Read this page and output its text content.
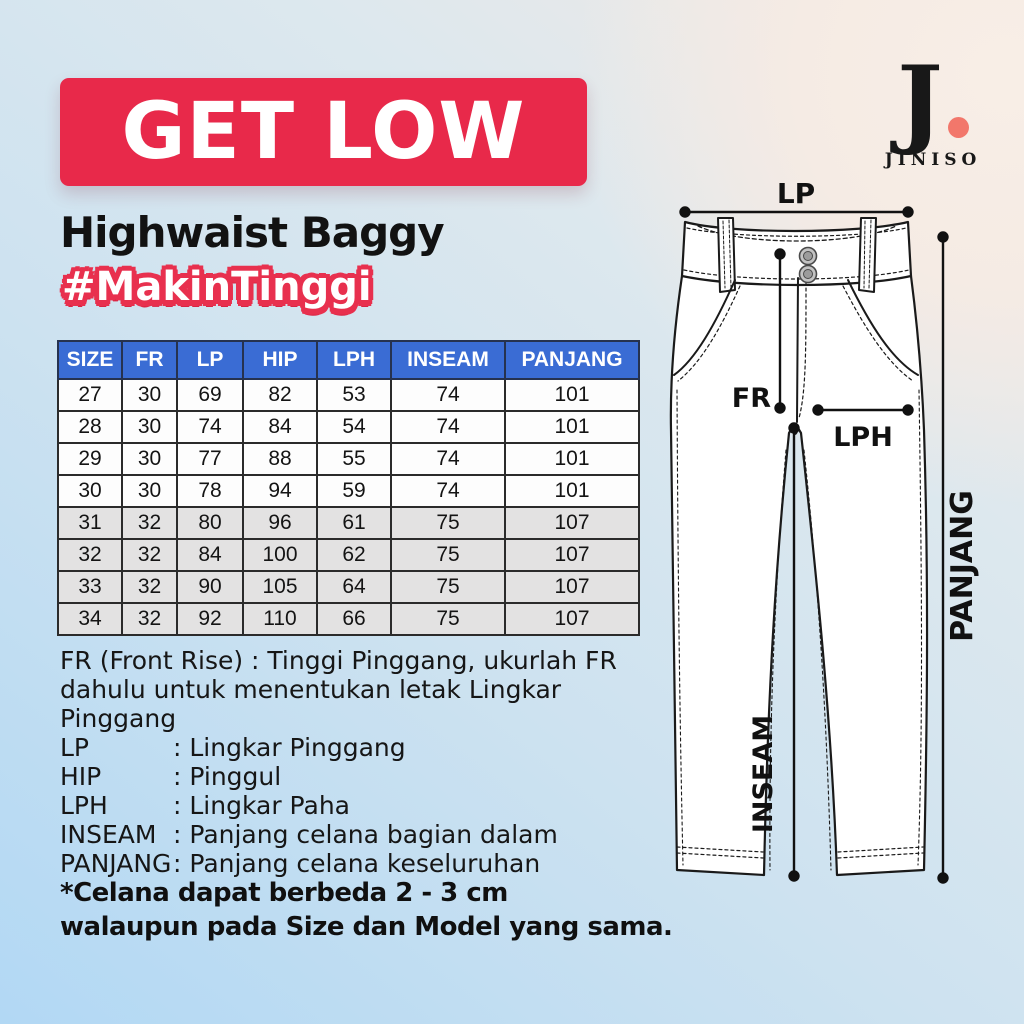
GET LOW
Highwaist Baggy
#MakinTinggi
J
JINISO
SIZE	FR	LP	HIP	LPH	INSEAM	PANJANG
27	30	69	82	53	74	101
28	30	74	84	54	74	101
29	30	77	88	55	74	101
30	30	78	94	59	74	101
31	32	80	96	61	75	107
32	32	84	100	62	75	107
33	32	90	105	64	75	107
34	32	92	110	66	75	107
FR (Front Rise) : Tinggi Pinggang, ukurlah FR
dahulu untuk menentukan letak Lingkar Pinggang
LP	: Lingkar Pinggang
HIP	: Pinggul
LPH	: Lingkar Paha
INSEAM : Panjang celana bagian dalam
PANJANG : Panjang celana keseluruhan
*Celana dapat berbeda 2 - 3 cm
walaupun pada Size dan Model yang sama.
LP
FR
LPH
PANJANG
INSEAM
